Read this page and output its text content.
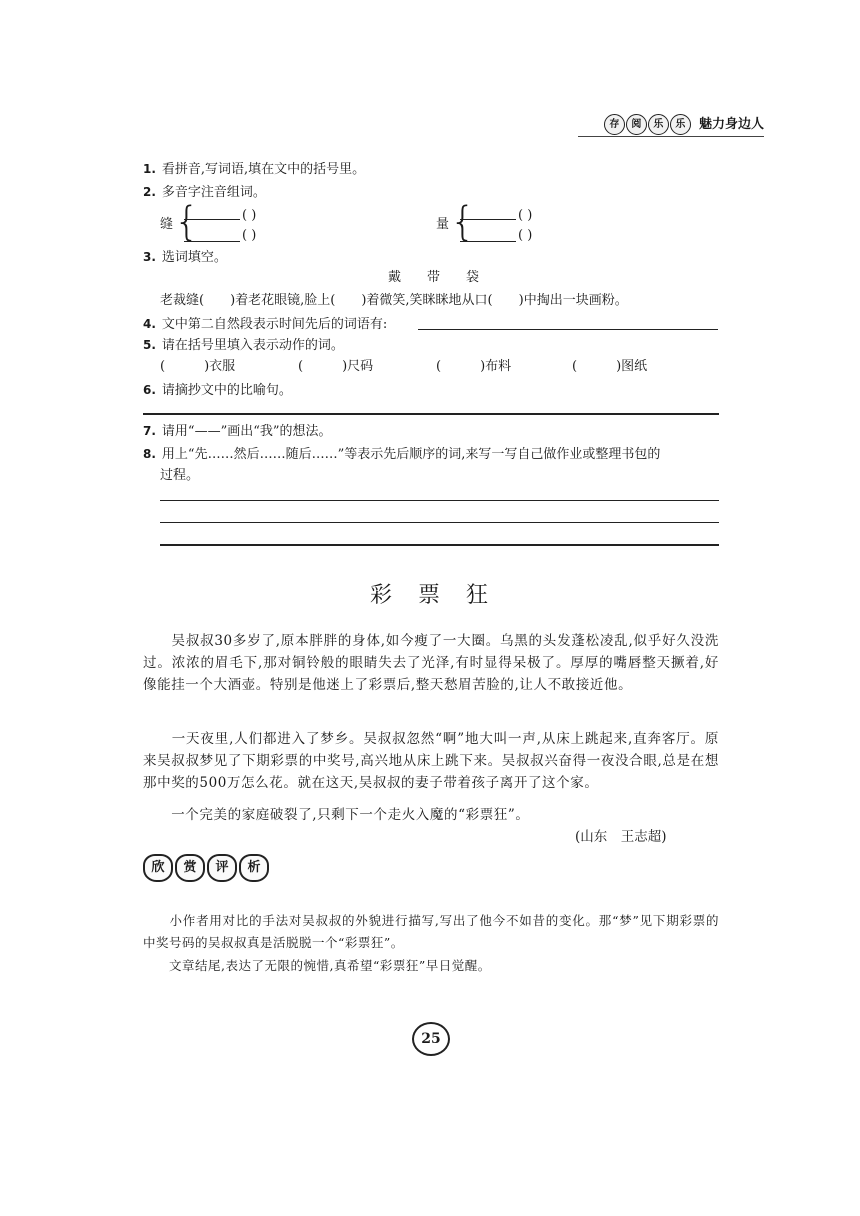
存 阅 乐 乐 魅力身边人
1. 看拼音,写词语,填在文中的括号里。
2. 多音字注音组词。
缝 {	( )
( )
量 {	( )
( )
3. 选词填空。
戴　　带　　袋
老裁缝(　　)着老花眼镜,脸上(　　)着微笑,笑眯眯地从口(　　)中掏出一块画粉。
4. 文中第二自然段表示时间先后的词语有:
5. 请在括号里填入表示动作的词。
(　　　)衣服	(　　　)尺码	(　　　)布料	(　　　)图纸
6. 请摘抄文中的比喻句。
7. 请用“——”画出“我”的想法。
8. 用上“先……然后……随后……”等表示先后顺序的词,来写一写自己做作业或整理书包的
过程。
彩　票　狂
　　吴叔叔30多岁了,原本胖胖的身体,如今瘦了一大圈。乌黑的头发蓬松凌乱,似乎好久没洗过。浓浓的眉毛下,那对铜铃般的眼睛失去了光泽,有时显得呆极了。厚厚的嘴唇整天撅着,好像能挂一个大酒壶。特别是他迷上了彩票后,整天愁眉苦脸的,让人不敢接近他。
　　一天夜里,人们都进入了梦乡。吴叔叔忽然“啊”地大叫一声,从床上跳起来,直奔客厅。原来吴叔叔梦见了下期彩票的中奖号,高兴地从床上跳下来。吴叔叔兴奋得一夜没合眼,总是在想那中奖的500万怎么花。就在这天,吴叔叔的妻子带着孩子离开了这个家。
　　一个完美的家庭破裂了,只剩下一个走火入魔的“彩票狂”。
(山东　王志超)
欣 赏 评 析
　　小作者用对比的手法对吴叔叔的外貌进行描写,写出了他今不如昔的变化。那“梦”见下期彩票的中奖号码的吴叔叔真是活脱脱一个“彩票狂”。
　　文章结尾,表达了无限的惋惜,真希望“彩票狂”早日觉醒。
25
